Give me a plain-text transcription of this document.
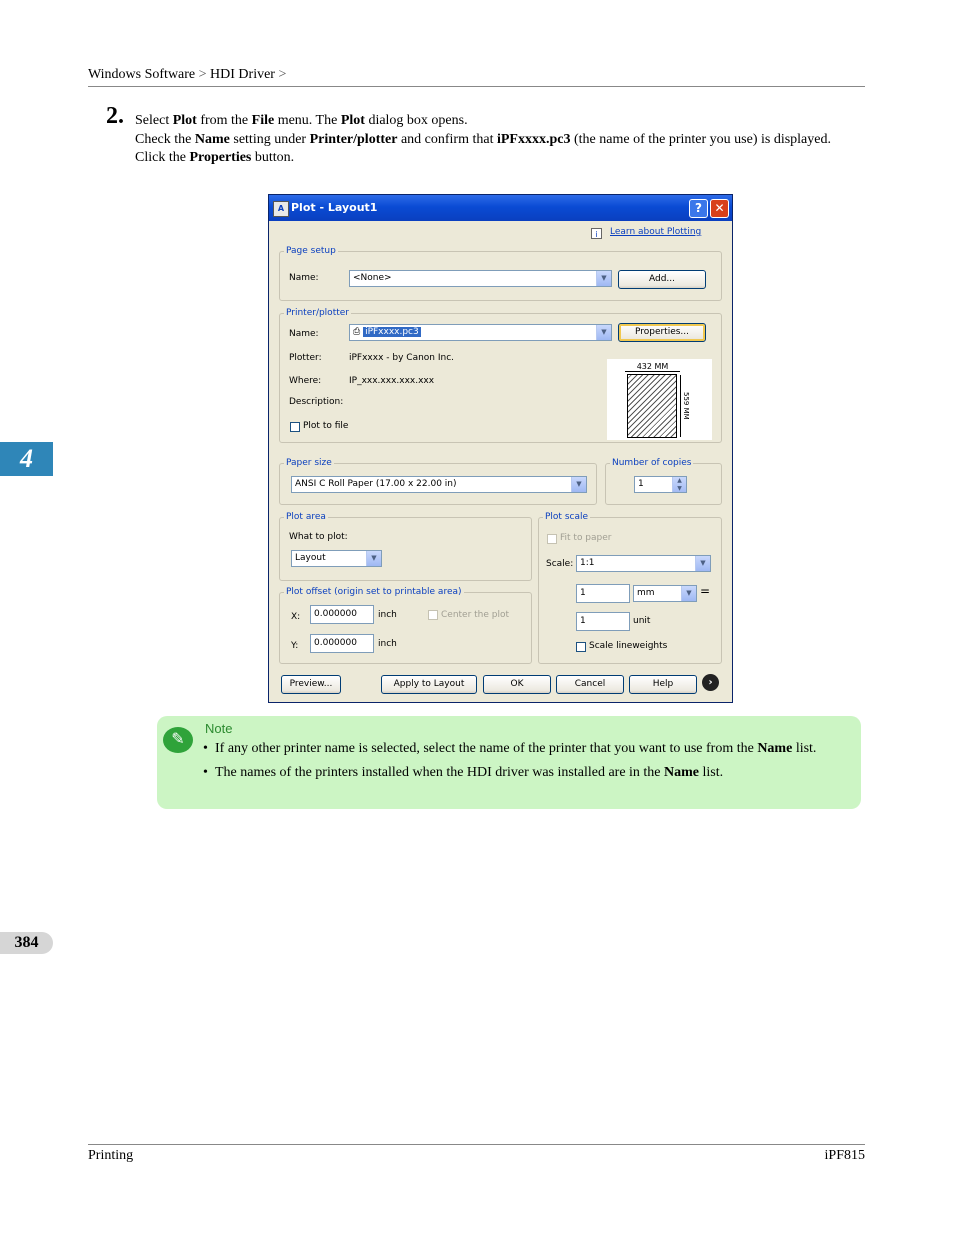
Windows Software > HDI Driver >
2. Select Plot from the File menu. The Plot dialog box opens.

Check the Name setting under Printer/plotter and confirm that iPFxxxx.pc3 (the name of the printer you use) is displayed.

Click the Properties button.

4
384
A Plot - Layout1	?	✕
i	Learn about Plotting
Page setup
Name:	<None>	▼	Add...
Printer/plotter
Name:	⎙ iPFxxxx.pc3	▼	Properties...
Plotter:	iPFxxxx - by Canon Inc.
Where:	IP_xxx.xxx.xxx.xxx
Description:
Plot to file
432 MM
559 MM
Paper size
ANSI C Roll Paper (17.00 x 22.00 in)	▼
Number of copies
1	▲
▼
Plot area
What to plot:
Layout	▼
Plot offset (origin set to printable area)
X:	0.000000	inch	Center the plot
Y:	0.000000	inch
Plot scale
Fit to paper
Scale: 1:1	▼
1	mm	▼ =
1	unit
Scale lineweights
Preview...	Apply to Layout	OK	Cancel	Help	›
✎
Note
• If any other printer name is selected, select the name of the printer that you want to use from the Name list.
• The names of the printers installed when the HDI driver was installed are in the Name list.
Printing	iPF815
